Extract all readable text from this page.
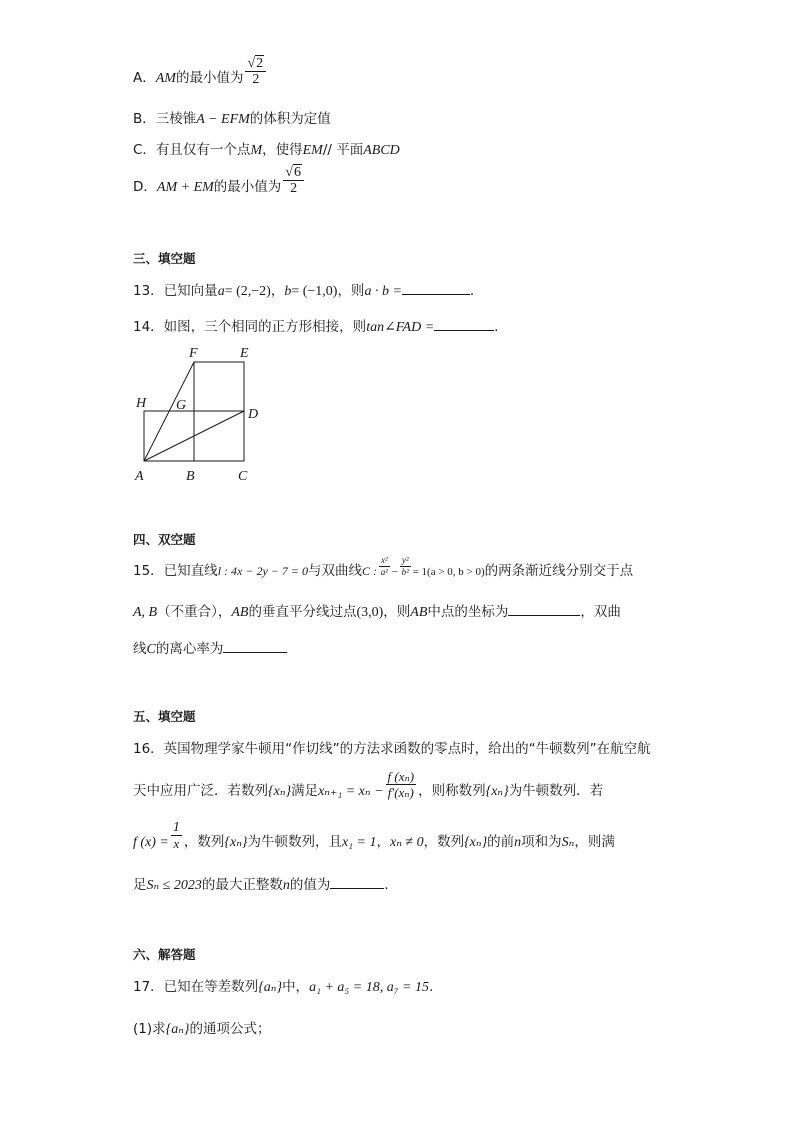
A．AM的最小值为 $\frac{√2}{2}$
B．三棱锥A − EFM的体积为定值
C．有且仅有一个点M，使得EM// 平面ABCD
D．AM + EM的最小值为 $\frac{√6}{2}$
三、填空题
13．已知向量a= (2,−2)，b= (−1,0)，则a · b =	.
14．如图，三个相同的正方形相接，则tan∠FAD =	.
F	E
H G
D
A	B	C
四、双空题
15．已知直线l : 4x − 2y − 7 = 0与双曲线C : $\frac{\text{x²}}{\text{a²}} - \frac{\text{y²}}{\text{b²}} = 1(a > 0$, b > 0)的两条渐近线分别交于点
A, B（不重合），AB的垂直平分线过点(3,0)，则AB中点的坐标为	，双曲
线C的离心率为
五、填空题
16．英国物理学家牛顿用“作切线”的方法求函数的零点时，给出的“牛顿数列”在航空航
天中应用广泛．若数列{xₙ}满足$x_{n+1} = x_n - \frac{\text{f (xₙ)}}{\text{f′(xₙ)}}$ ，则称数列{xₙ}为牛顿数列．若
f $(x) = \frac{1}{x}$ ，数列{xₙ}为牛顿数列，且x₁ = 1，xₙ ≠ 0，数列{xₙ}的前n项和为Sₙ，则满
足Sₙ ≤ 2023的最大正整数n的值为	．
六、解答题
17．已知在等差数列{aₙ}中，a₁ + a₅ = 18, a₇ = 15.
(1)求{aₙ}的通项公式；
